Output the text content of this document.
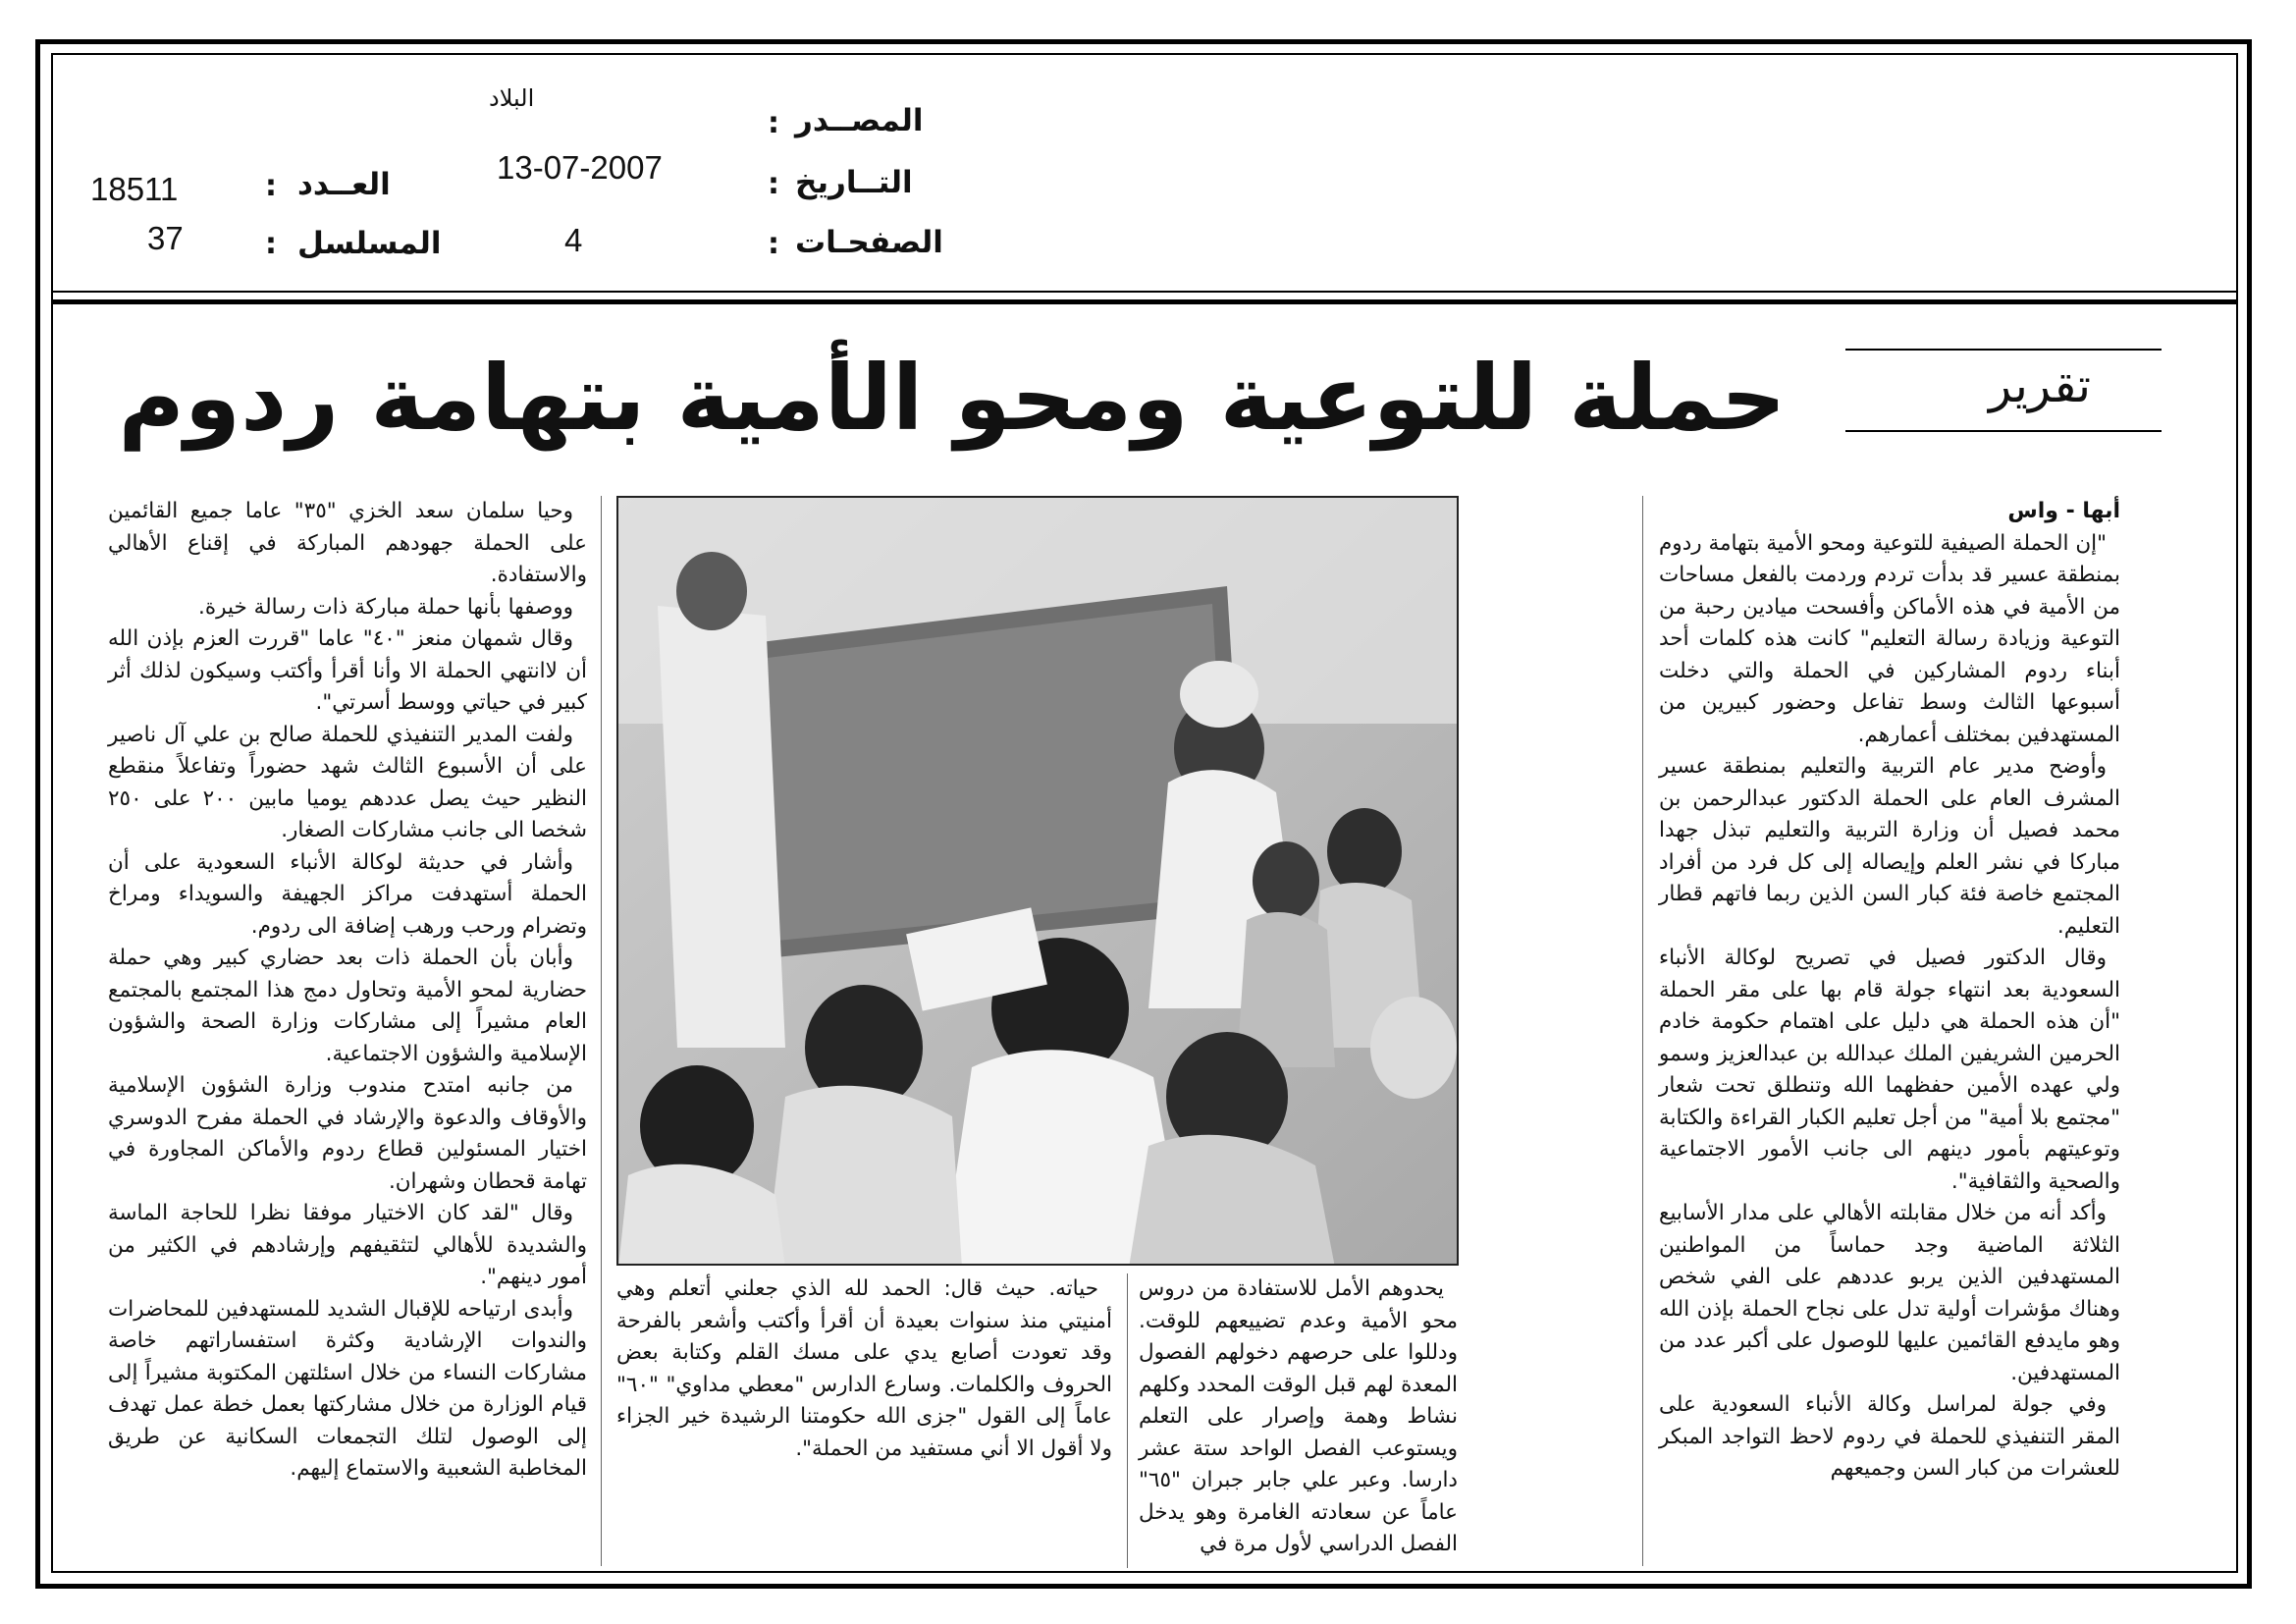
المصــدر
:
البلاد
التــاريخ
:
13-07-2007
الصفحـات
:
4
العــدد
:
18511
المسلسل
:
37
تقرير
حملة للتوعية ومحو الأمية بتهامة ردوم
أبها - واس

"إن الحملة الصيفية للتوعية ومحو الأمية بتهامة ردوم بمنطقة عسير قد بدأت تردم وردمت بالفعل مساحات من الأمية في هذه الأماكن وأفسحت ميادين رحبة من التوعية وزيادة رسالة التعليم" كانت هذه كلمات أحد أبناء ردوم المشاركين في الحملة والتي دخلت أسبوعها الثالث وسط تفاعل وحضور كبيرين من المستهدفين بمختلف أعمارهم.

وأوضح مدير عام التربية والتعليم بمنطقة عسير المشرف العام على الحملة الدكتور عبدالرحمن بن محمد فصيل أن وزارة التربية والتعليم تبذل جهدا مباركا في نشر العلم وإيصاله إلى كل فرد من أفراد المجتمع خاصة فئة كبار السن الذين ربما فاتهم قطار التعليم.

وقال الدكتور فصيل في تصريح لوكالة الأنباء السعودية بعد انتهاء جولة قام بها على مقر الحملة "أن هذه الحملة هي دليل على اهتمام حكومة خادم الحرمين الشريفين الملك عبدالله بن عبدالعزيز وسمو ولي عهده الأمين حفظهما الله وتنطلق تحت شعار "مجتمع بلا أمية" من أجل تعليم الكبار القراءة والكتابة وتوعيتهم بأمور دينهم الى جانب الأمور الاجتماعية والصحية والثقافية".

وأكد أنه من خلال مقابلته الأهالي على مدار الأسابيع الثلاثة الماضية وجد حماساً من المواطنين المستهدفين الذين يربو عددهم على الفي شخص وهناك مؤشرات أولية تدل على نجاح الحملة بإذن الله وهو مايدفع القائمين عليها للوصول على أكبر عدد من المستهدفين.

وفي جولة لمراسل وكالة الأنباء السعودية على المقر التنفيذي للحملة في ردوم لاحظ التواجد المبكر للعشرات من كبار السن وجميعهم

يحدوهم الأمل للاستفادة من دروس محو الأمية وعدم تضييعهم للوقت. ودللوا على حرصهم دخولهم الفصول المعدة لهم قبل الوقت المحدد وكلهم نشاط وهمة وإصرار على التعلم ويستوعب الفصل الواحد ستة عشر دارسا. وعبر علي جابر جبران "٦٥" عاماً عن سعادته الغامرة وهو يدخل الفصل الدراسي لأول مرة في

حياته. حيث قال: الحمد لله الذي جعلني أتعلم وهي أمنيتي منذ سنوات بعيدة أن أقرأ وأكتب وأشعر بالفرحة وقد تعودت أصابع يدي على مسك القلم وكتابة بعض الحروف والكلمات. وسارع الدارس "معطي مداوي" "٦٠" عاماً إلى القول "جزى الله حكومتنا الرشيدة خير الجزاء ولا أقول الا أني مستفيد من الحملة".

وحيا سلمان سعد الخزي "٣٥" عاما جميع القائمين على الحملة جهودهم المباركة في إقناع الأهالي والاستفادة.

ووصفها بأنها حملة مباركة ذات رسالة خيرة.

وقال شمهان منعز "٤٠" عاما "قررت العزم بإذن الله أن لاانتهي الحملة الا وأنا أقرأ وأكتب وسيكون لذلك أثر كبير في حياتي ووسط أسرتي".

ولفت المدير التنفيذي للحملة صالح بن علي آل ناصير على أن الأسبوع الثالث شهد حضوراً وتفاعلاً منقطع النظير حيث يصل عددهم يوميا مابين ٢٠٠ على ٢٥٠ شخصا الى جانب مشاركات الصغار.

وأشار في حديثة لوكالة الأنباء السعودية على أن الحملة أستهدفت مراكز الجهيفة والسويداء ومراخ وتضرام ورحب ورهب إضافة الى ردوم.

وأبان بأن الحملة ذات بعد حضاري كبير وهي حملة حضارية لمحو الأمية وتحاول دمج هذا المجتمع بالمجتمع العام مشيراً إلى مشاركات وزارة الصحة والشؤون الإسلامية والشؤون الاجتماعية.

من جانبه امتدح مندوب وزارة الشؤون الإسلامية والأوقاف والدعوة والإرشاد في الحملة مفرح الدوسري اختيار المسئولين قطاع ردوم والأماكن المجاورة في تهامة قحطان وشهران.

وقال "لقد كان الاختيار موفقا نظرا للحاجة الماسة والشديدة للأهالي لتثقيفهم وإرشادهم في الكثير من أمور دينهم".

وأبدى ارتياحه للإقبال الشديد للمستهدفين للمحاضرات والندوات الإرشادية وكثرة استفساراتهم خاصة مشاركات النساء من خلال اسئلتهن المكتوبة مشيراً إلى قيام الوزارة من خلال مشاركتها بعمل خطة عمل تهدف إلى الوصول لتلك التجمعات السكانية عن طريق المخاطبة الشعبية والاستماع إليهم.
